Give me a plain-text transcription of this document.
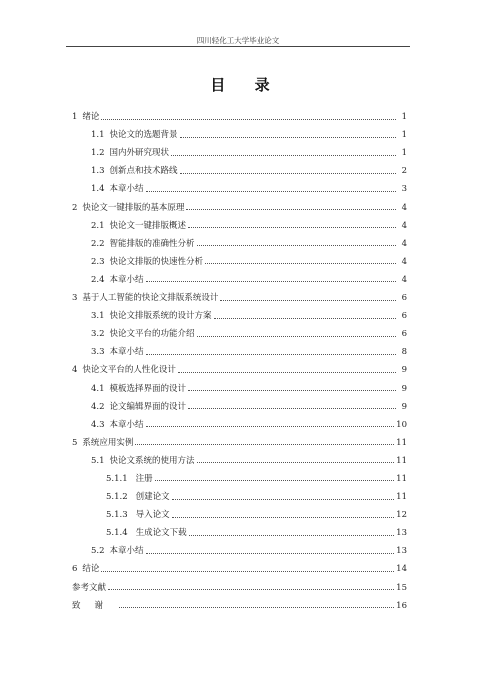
四川轻化工大学毕业论文
目 录
1 绪论	1
1.1 快论文的选题背景	1
1.2 国内外研究现状	1
1.3 创新点和技术路线	2
1.4 本章小结	3
2 快论文一键排版的基本原理	4
2.1 快论文一键排版概述	4
2.2 智能排版的准确性分析	4
2.3 快论文排版的快速性分析	4
2.4 本章小结	4
3 基于人工智能的快论文排版系统设计	6
3.1 快论文排版系统的设计方案	6
3.2 快论文平台的功能介绍	6
3.3 本章小结	8
4 快论文平台的人性化设计	9
4.1 模板选择界面的设计	9
4.2 论文编辑界面的设计	9
4.3 本章小结	10
5 系统应用实例	11
5.1 快论文系统的使用方法	11
5.1.1 注册	11
5.1.2 创建论文	11
5.1.3 导入论文	12
5.1.4 生成论文下载	13
5.2 本章小结	13
6 结论	14
参考文献	15
致谢	16
